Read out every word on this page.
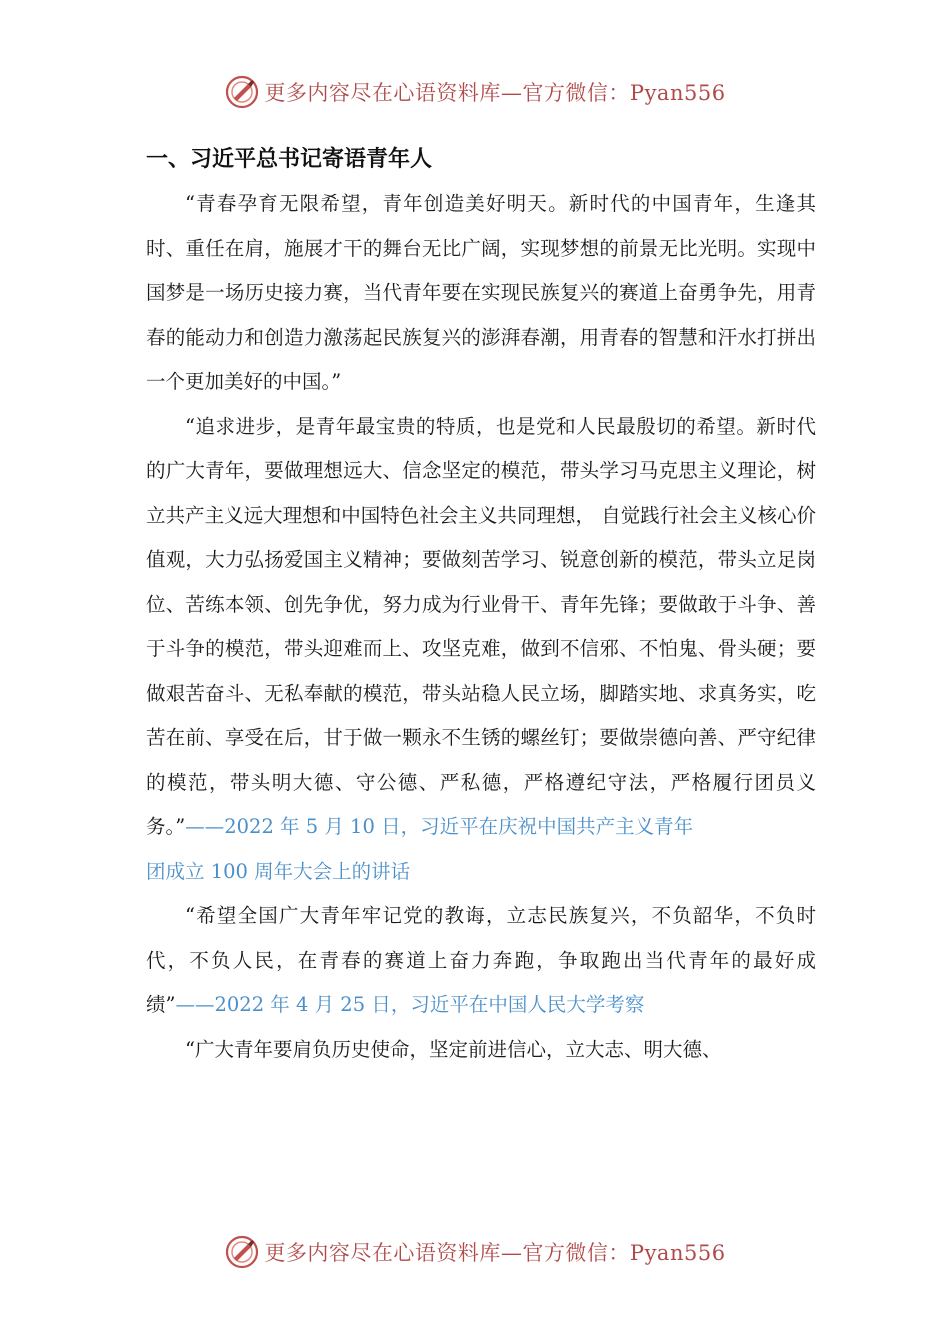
更多内容尽在心语资料库—官方微信：Pyan556
一、习近平总书记寄语青年人

“青春孕育无限希望，青年创造美好明天。新时代的中国青年，生逢其时、重任在肩，施展才干的舞台无比广阔，实现梦想的前景无比光明。实现中国梦是一场历史接力赛，当代青年要在实现民族复兴的赛道上奋勇争先，用青春的能动力和创造力激荡起民族复兴的澎湃春潮，用青春的智慧和汗水打拼出一个更加美好的中国。”

“追求进步，是青年最宝贵的特质，也是党和人民最殷切的希望。新时代的广大青年，要做理想远大、信念坚定的模范，带头学习马克思主义理论，树立共产主义远大理想和中国特色社会主义共同理想， 自觉践行社会主义核心价值观，大力弘扬爱国主义精神；要做刻苦学习、锐意创新的模范，带头立足岗位、苦练本领、创先争优，努力成为行业骨干、青年先锋；要做敢于斗争、善于斗争的模范，带头迎难而上、攻坚克难，做到不信邪、不怕鬼、骨头硬；要做艰苦奋斗、无私奉献的模范，带头站稳人民立场，脚踏实地、求真务实，吃苦在前、享受在后，甘于做一颗永不生锈的螺丝钉；要做崇德向善、严守纪律的模范，带头明大德、守公德、严私德，严格遵纪守法，严格履行团员义务。”——2022 年 5 月 10 日，习近平在庆祝中国共产主义青年

团成立 100 周年大会上的讲话

“希望全国广大青年牢记党的教诲，立志民族复兴，不负韶华，不负时代，不负人民，在青春的赛道上奋力奔跑，争取跑出当代青年的最好成绩”——2022 年 4 月 25 日，习近平在中国人民大学考察

“广大青年要肩负历史使命，坚定前进信心，立大志、明大德、

更多内容尽在心语资料库—官方微信：Pyan556
